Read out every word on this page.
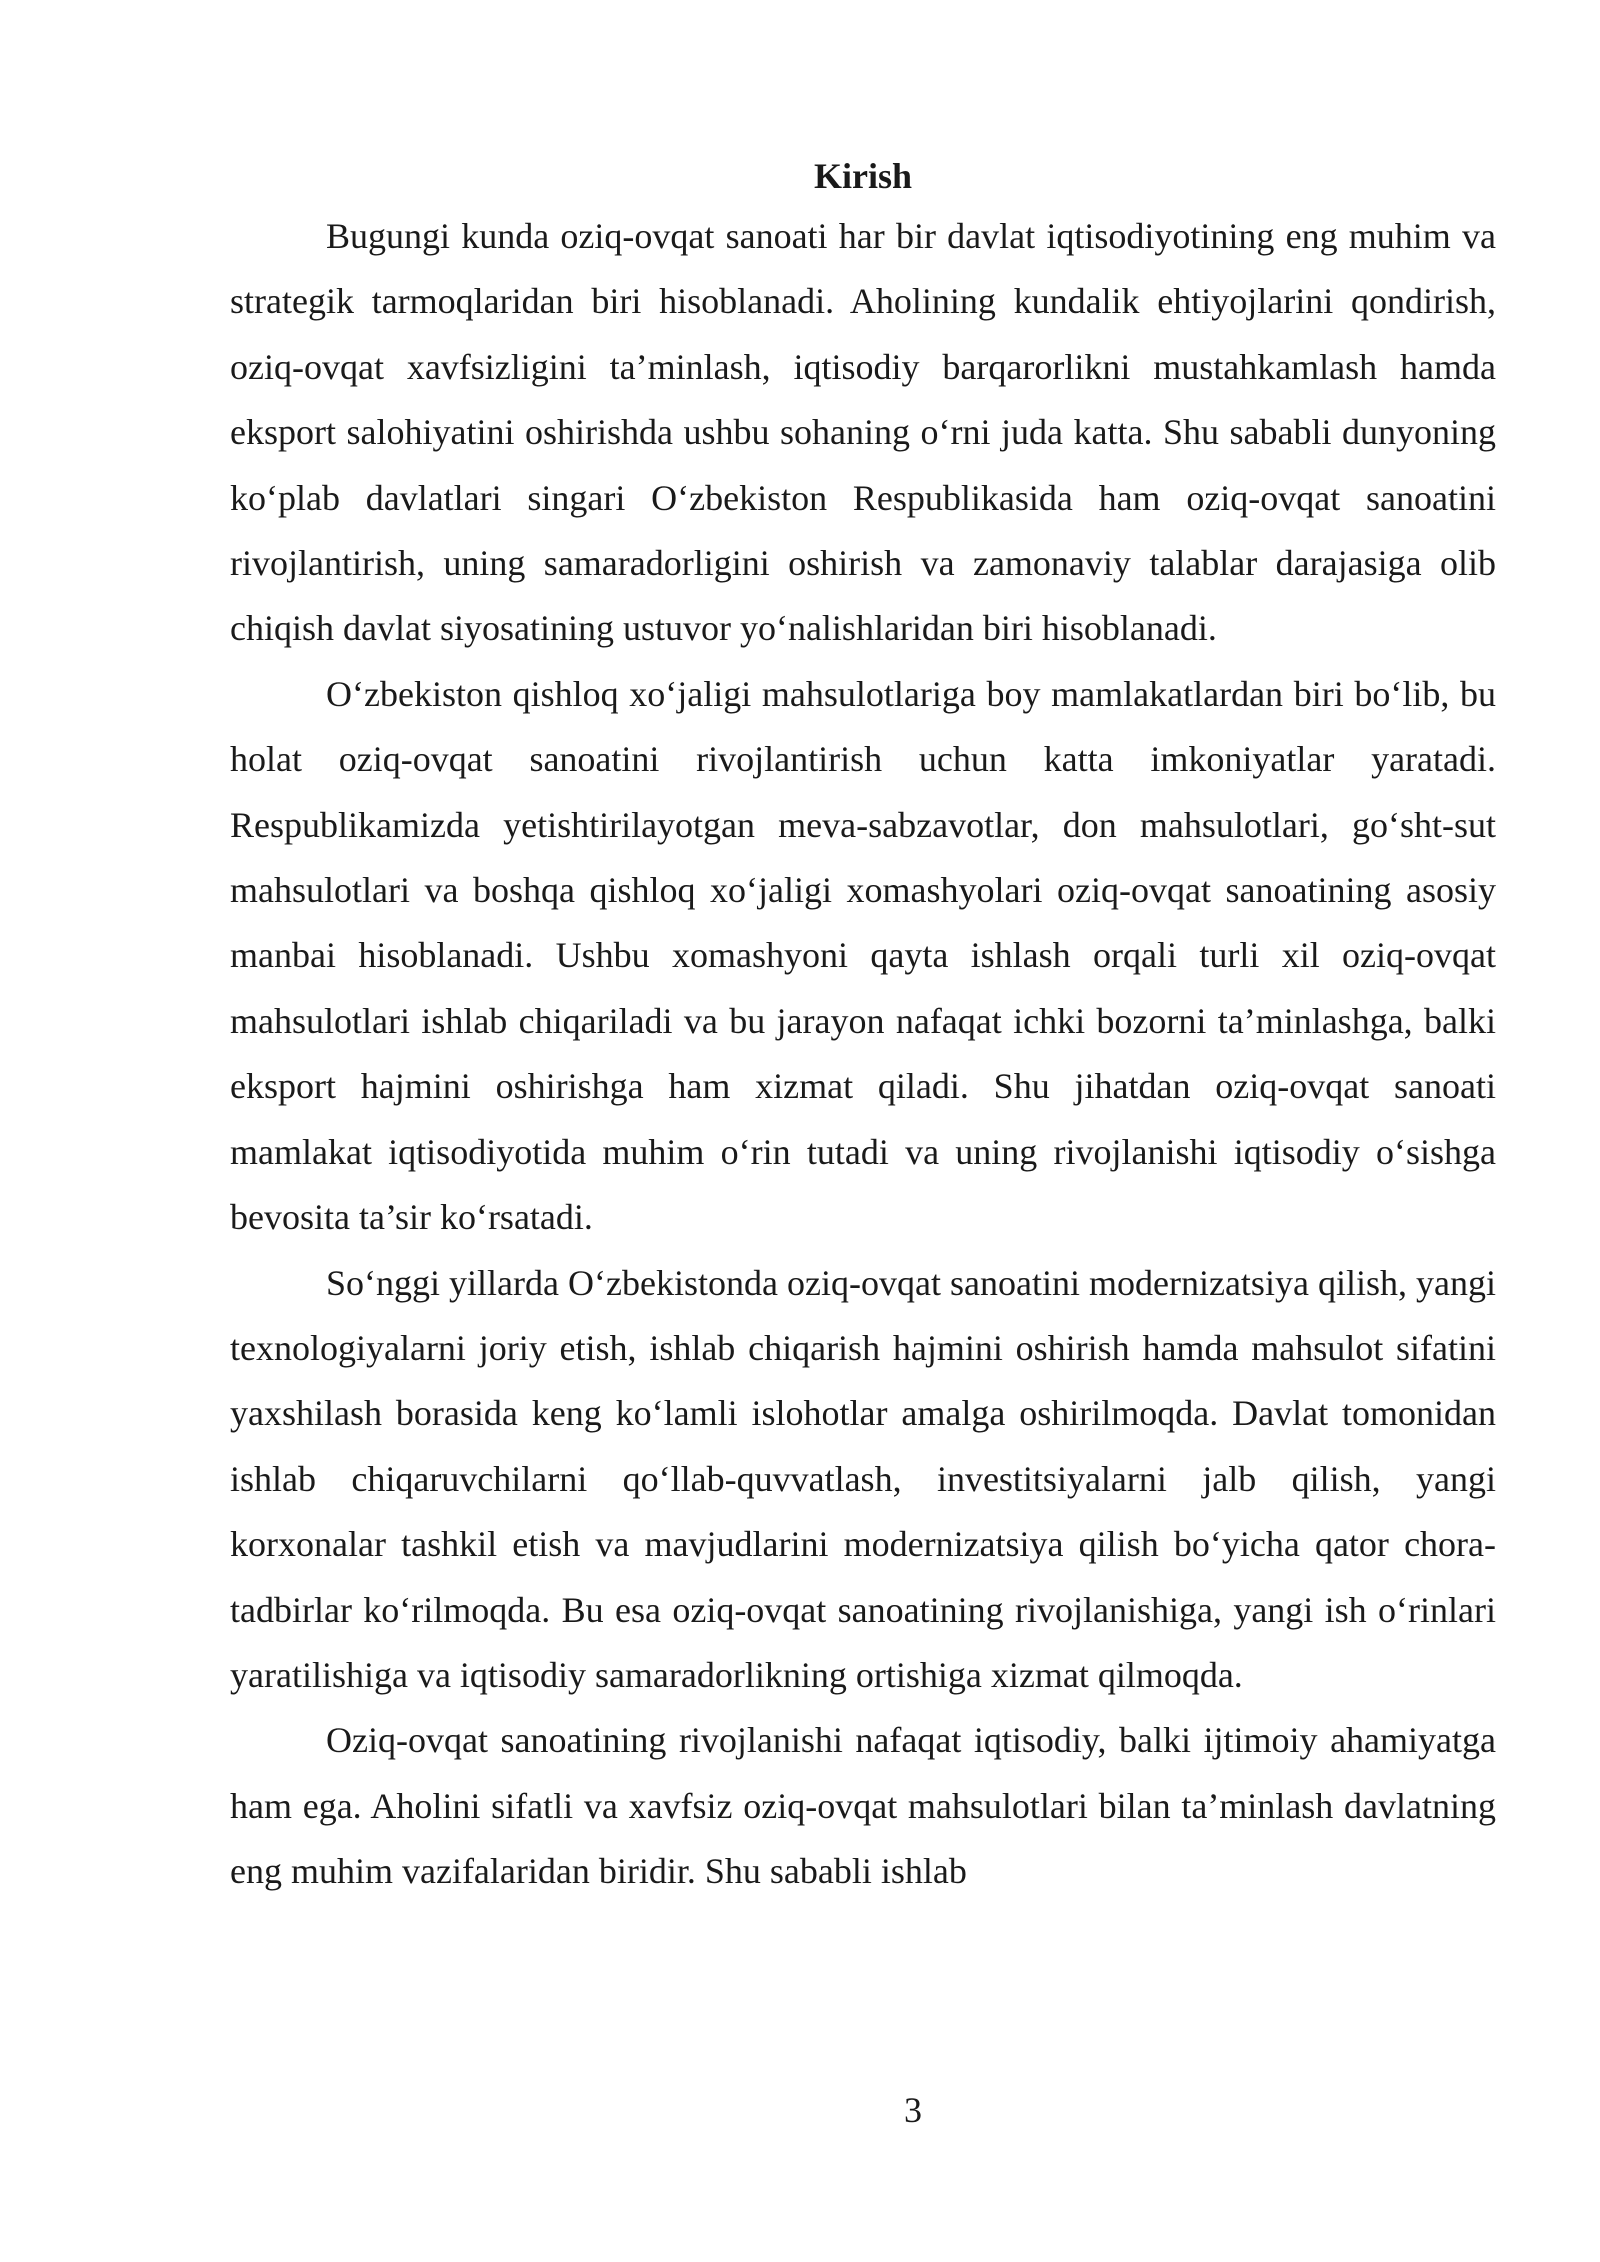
Kirish

Bugungi kunda oziq-ovqat sanoati har bir davlat iqtisodiyotining eng muhim va strategik tarmoqlaridan biri hisoblanadi. Aholining kundalik ehtiyojlarini qondirish, oziq-ovqat xavfsizligini ta’minlash, iqtisodiy barqarorlikni mustahkamlash hamda eksport salohiyatini oshirishda ushbu sohaning o‘rni juda katta. Shu sababli dunyoning ko‘plab davlatlari singari O‘zbekiston Respublikasida ham oziq-ovqat sanoatini rivojlantirish, uning samaradorligini oshirish va zamonaviy talablar darajasiga olib chiqish davlat siyosatining ustuvor yo‘nalishlaridan biri hisoblanadi.

O‘zbekiston qishloq xo‘jaligi mahsulotlariga boy mamlakatlardan biri bo‘lib, bu holat oziq-ovqat sanoatini rivojlantirish uchun katta imkoniyatlar yaratadi. Respublikamizda yetishtirilayotgan meva-sabzavotlar, don mahsulotlari, go‘sht-sut mahsulotlari va boshqa qishloq xo‘jaligi xomashyolari oziq-ovqat sanoatining asosiy manbai hisoblanadi. Ushbu xomashyoni qayta ishlash orqali turli xil oziq-ovqat mahsulotlari ishlab chiqariladi va bu jarayon nafaqat ichki bozorni ta’minlashga, balki eksport hajmini oshirishga ham xizmat qiladi. Shu jihatdan oziq-ovqat sanoati mamlakat iqtisodiyotida muhim o‘rin tutadi va uning rivojlanishi iqtisodiy o‘sishga bevosita ta’sir ko‘rsatadi.

So‘nggi yillarda O‘zbekistonda oziq-ovqat sanoatini modernizatsiya qilish, yangi texnologiyalarni joriy etish, ishlab chiqarish hajmini oshirish hamda mahsulot sifatini yaxshilash borasida keng ko‘lamli islohotlar amalga oshirilmoqda. Davlat tomonidan ishlab chiqaruvchilarni qo‘llab-quvvatlash, investitsiyalarni jalb qilish, yangi korxonalar tashkil etish va mavjudlarini modernizatsiya qilish bo‘yicha qator chora-tadbirlar ko‘rilmoqda. Bu esa oziq-ovqat sanoatining rivojlanishiga, yangi ish o‘rinlari yaratilishiga va iqtisodiy samaradorlikning ortishiga xizmat qilmoqda.

Oziq-ovqat sanoatining rivojlanishi nafaqat iqtisodiy, balki ijtimoiy ahamiyatga ham ega. Aholini sifatli va xavfsiz oziq-ovqat mahsulotlari bilan ta’minlash davlatning eng muhim vazifalaridan biridir. Shu sababli ishlab

3
